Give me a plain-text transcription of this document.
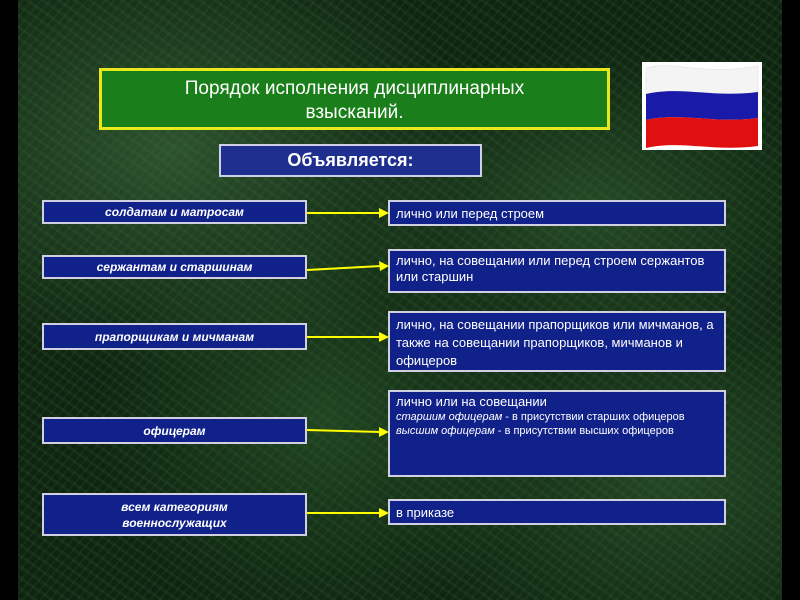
Порядок исполнения дисциплинарных
взысканий.
Объявляется:
солдатам и матросам	лично или перед строем
сержантам и старшинам	лично, на совещании или перед строем сержантов или старшин
прапорщикам и мичманам
лично, на совещании прапорщиков или мичманов, а также на совещании прапорщиков, мичманов и офицеров
офицерам
лично или на совещании
старшим офицерам - в присутствии старших офицеров
высшим офицерам - в присутствии высших офицеров
всем категориям военнослужащих
в приказе
